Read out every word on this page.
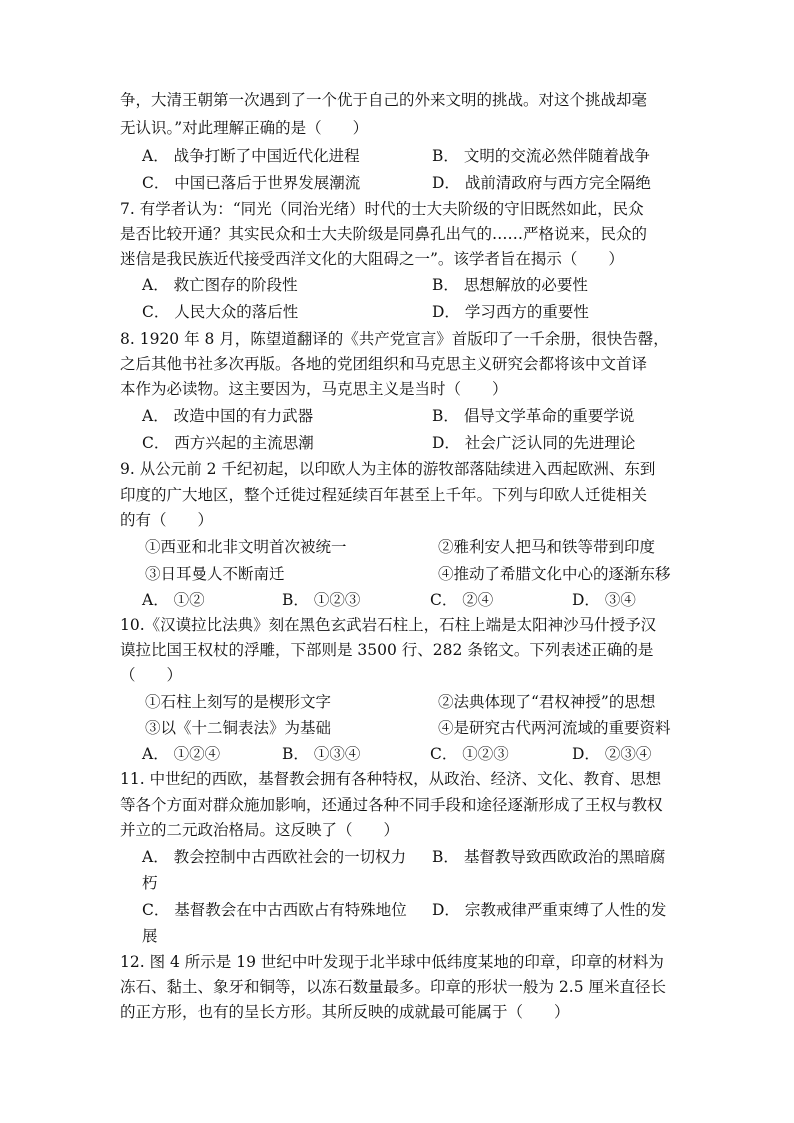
争，大清王朝第一次遇到了一个优于自己的外来文明的挑战。对这个挑战却毫
无认识。”对此理解正确的是（　　）
A． 战争打断了中国近代化进程	B． 文明的交流必然伴随着战争
C． 中国已落后于世界发展潮流	D． 战前清政府与西方完全隔绝
7. 有学者认为：“同光（同治光绪）时代的士大夫阶级的守旧既然如此，民众
是否比较开通？其实民众和士大夫阶级是同鼻孔出气的……严格说来，民众的
迷信是我民族近代接受西洋文化的大阻碍之一”。该学者旨在揭示（　　）
A． 救亡图存的阶段性	B． 思想解放的必要性
C． 人民大众的落后性	D． 学习西方的重要性
8. 1920 年 8 月，陈望道翻译的《共产党宣言》首版印了一千余册，很快告罄，
之后其他书社多次再版。各地的党团组织和马克思主义研究会都将该中文首译
本作为必读物。这主要因为，马克思主义是当时（　　）
A． 改造中国的有力武器	B． 倡导文学革命的重要学说
C． 西方兴起的主流思潮	D． 社会广泛认同的先进理论
9. 从公元前 2 千纪初起，以印欧人为主体的游牧部落陆续进入西起欧洲、东到
印度的广大地区，整个迁徙过程延续百年甚至上千年。下列与印欧人迁徙相关
的有（　　）
①西亚和北非文明首次被统一	②雅利安人把马和铁等带到印度
③日耳曼人不断南迁	④推动了希腊文化中心的逐渐东移
A． ①②	B． ①②③	C． ②④	D． ③④
10.《汉谟拉比法典》刻在黑色玄武岩石柱上，石柱上端是太阳神沙马什授予汉
谟拉比国王权杖的浮雕，下部则是 3500 行、282 条铭文。下列表述正确的是
（　　）
①石柱上刻写的是楔形文字	②法典体现了“君权神授”的思想
③以《十二铜表法》为基础	④是研究古代两河流域的重要资料
A． ①②④	B． ①③④	C． ①②③	D． ②③④
11. 中世纪的西欧，基督教会拥有各种特权，从政治、经济、文化、教育、思想
等各个方面对群众施加影响，还通过各种不同手段和途径逐渐形成了王权与教权
并立的二元政治格局。这反映了（　　）
A． 教会控制中古西欧社会的一切权力 B． 基督教导致西欧政治的黑暗腐
朽
C． 基督教会在中古西欧占有特殊地位 D． 宗教戒律严重束缚了人性的发
展
12. 图 4 所示是 19 世纪中叶发现于北半球中低纬度某地的印章，印章的材料为
冻石、黏土、象牙和铜等，以冻石数量最多。印章的形状一般为 2.5 厘米直径长
的正方形，也有的呈长方形。其所反映的成就最可能属于（　　）
